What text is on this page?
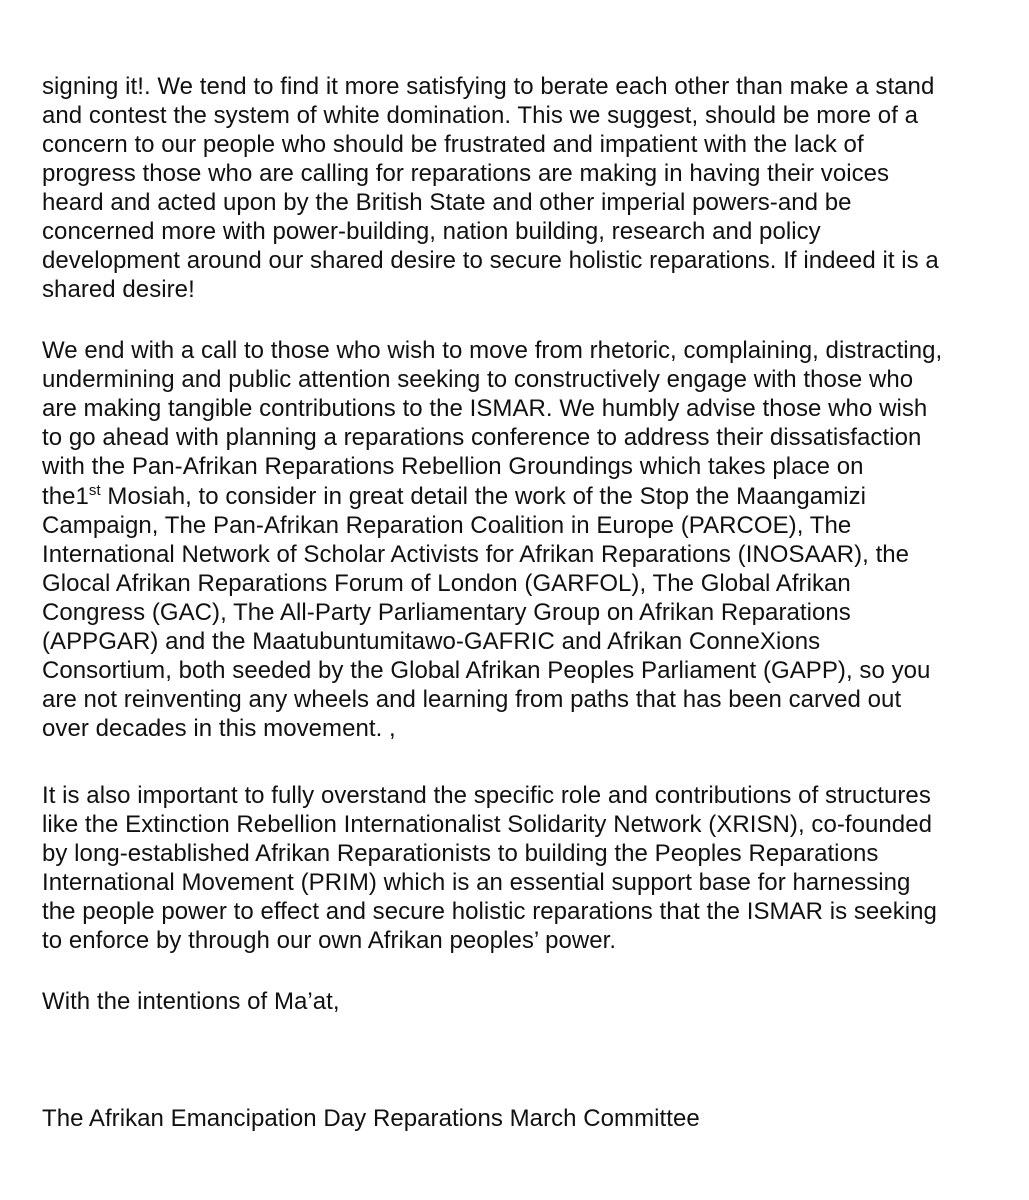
signing it!. We tend to find it more satisfying to berate each other than make a stand
and contest the system of white domination. This we suggest, should be more of a
concern to our people who should be frustrated and impatient with the lack of
progress those who are calling for reparations are making in having their voices
heard and acted upon by the British State and other imperial powers-and be
concerned more with power-building, nation building, research and policy
development around our shared desire to secure holistic reparations. If indeed it is a
shared desire!
We end with a call to those who wish to move from rhetoric, complaining, distracting,
undermining and public attention seeking to constructively engage with those who
are making tangible contributions to the ISMAR. We humbly advise those who wish
to go ahead with planning a reparations conference to address their dissatisfaction
with the Pan-Afrikan Reparations Rebellion Groundings which takes place on
the1st Mosiah, to consider in great detail the work of the Stop the Maangamizi
Campaign, The Pan-Afrikan Reparation Coalition in Europe (PARCOE), The
International Network of Scholar Activists for Afrikan Reparations (INOSAAR), the
Glocal Afrikan Reparations Forum of London (GARFOL), The Global Afrikan
Congress (GAC), The All-Party Parliamentary Group on Afrikan Reparations
(APPGAR) and the Maatubuntumitawo-GAFRIC and Afrikan ConneXions
Consortium, both seeded by the Global Afrikan Peoples Parliament (GAPP), so you
are not reinventing any wheels and learning from paths that has been carved out
over decades in this movement. ,
It is also important to fully overstand the specific role and contributions of structures
like the Extinction Rebellion Internationalist Solidarity Network (XRISN), co-founded
by long-established Afrikan Reparationists to building the Peoples Reparations
International Movement (PRIM) which is an essential support base for harnessing
the people power to effect and secure holistic reparations that the ISMAR is seeking
to enforce by through our own Afrikan peoples’ power.
With the intentions of Ma’at,
The Afrikan Emancipation Day Reparations March Committee
